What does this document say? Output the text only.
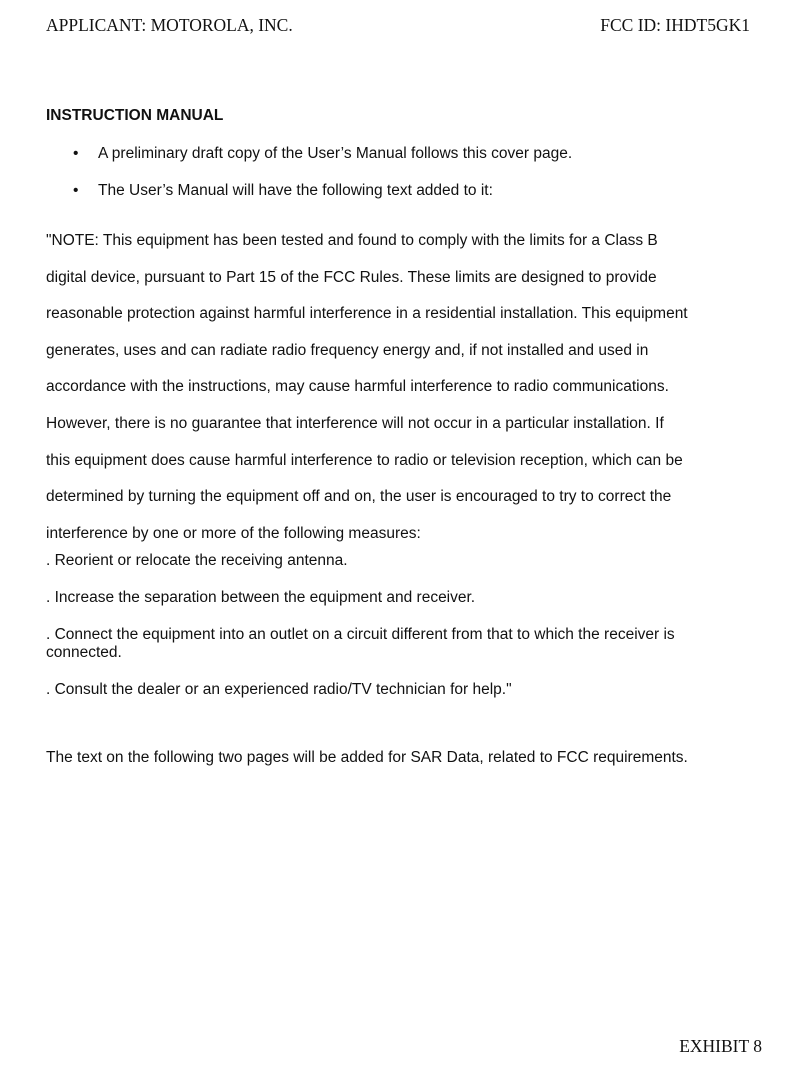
APPLICANT: MOTOROLA, INC.	FCC ID: IHDT5GK1
INSTRUCTION MANUAL
• A preliminary draft copy of the User’s Manual follows this cover page.
• The User’s Manual will have the following text added to it:
"NOTE: This equipment has been tested and found to comply with the limits for a Class B
digital device, pursuant to Part 15 of the FCC Rules. These limits are designed to provide
reasonable protection against harmful interference in a residential installation. This equipment
generates, uses and can radiate radio frequency energy and, if not installed and used in
accordance with the instructions, may cause harmful interference to radio communications.
However, there is no guarantee that interference will not occur in a particular installation. If
this equipment does cause harmful interference to radio or television reception, which can be
determined by turning the equipment off and on, the user is encouraged to try to correct the
interference by one or more of the following measures:
. Reorient or relocate the receiving antenna.
. Increase the separation between the equipment and receiver.
. Connect the equipment into an outlet on a circuit different from that to which the receiver is connected.
. Consult the dealer or an experienced radio/TV technician for help."

The text on the following two pages will be added for SAR Data, related to FCC requirements.

EXHIBIT 8
